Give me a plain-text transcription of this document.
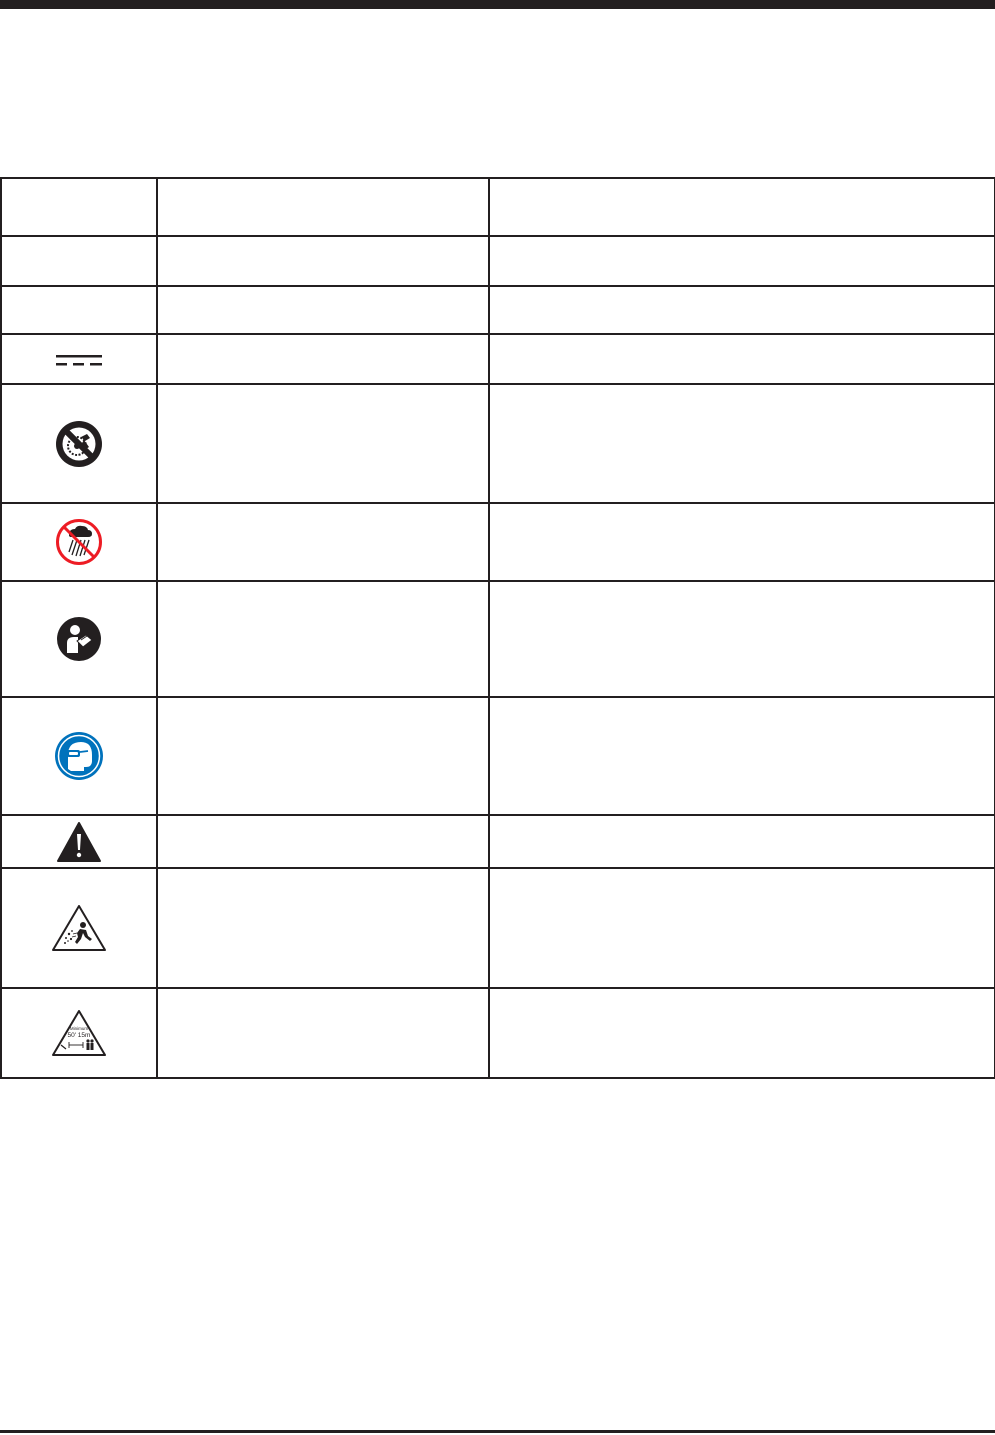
Minimum
50' 15m		
